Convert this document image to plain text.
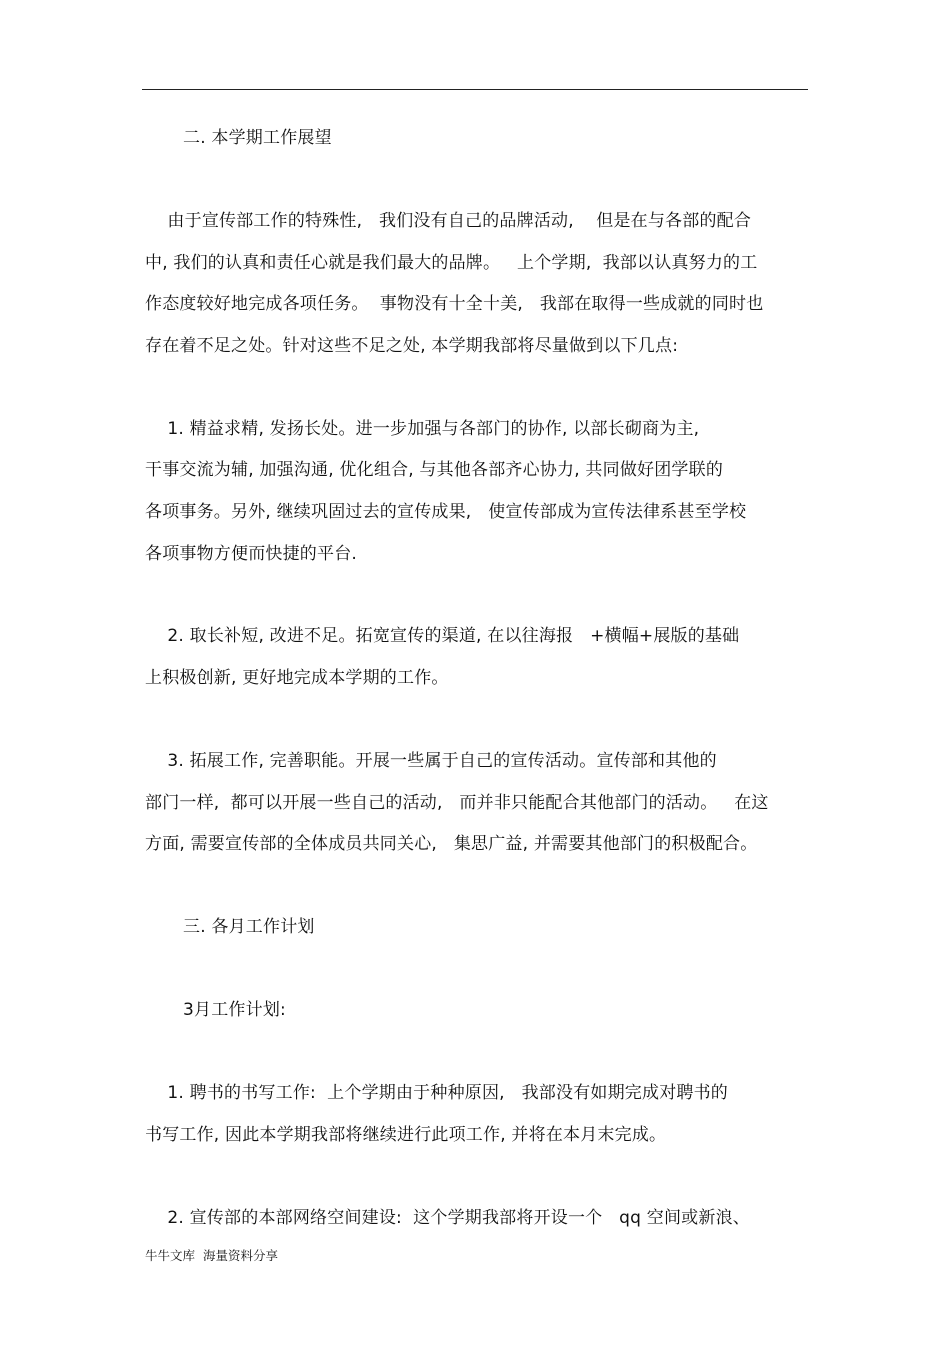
二. 本学期工作展望
由于宣传部工作的特殊性,   我们没有自己的品牌活动,    但是在与各部的配合
中, 我们的认真和责任心就是我们最大的品牌。   上个学期,  我部以认真努力的工
作态度较好地完成各项任务。  事物没有十全十美,   我部在取得一些成就的同时也
存在着不足之处。针对这些不足之处, 本学期我部将尽量做到以下几点:
1. 精益求精, 发扬长处。进一步加强与各部门的协作, 以部长砌商为主,
干事交流为辅, 加强沟通, 优化组合, 与其他各部齐心协力, 共同做好团学联的
各项事务。另外, 继续巩固过去的宣传成果,   使宣传部成为宣传法律系甚至学校
各项事物方便而快捷的平台.
2. 取长补短, 改进不足。拓宽宣传的渠道, 在以往海报   +横幅+展版的基础
上积极创新, 更好地完成本学期的工作。
3. 拓展工作, 完善职能。开展一些属于自己的宣传活动。宣传部和其他的
部门一样,  都可以开展一些自己的活动,   而并非只能配合其他部门的活动。   在这
方面, 需要宣传部的全体成员共同关心,   集思广益, 并需要其他部门的积极配合。
三. 各月工作计划
3月工作计划:
1. 聘书的书写工作:  上个学期由于种种原因,   我部没有如期完成对聘书的
书写工作, 因此本学期我部将继续进行此项工作, 并将在本月末完成。
2. 宣传部的本部网络空间建设:  这个学期我部将开设一个   qq 空间或新浪、
牛牛文库  海量资料分享
